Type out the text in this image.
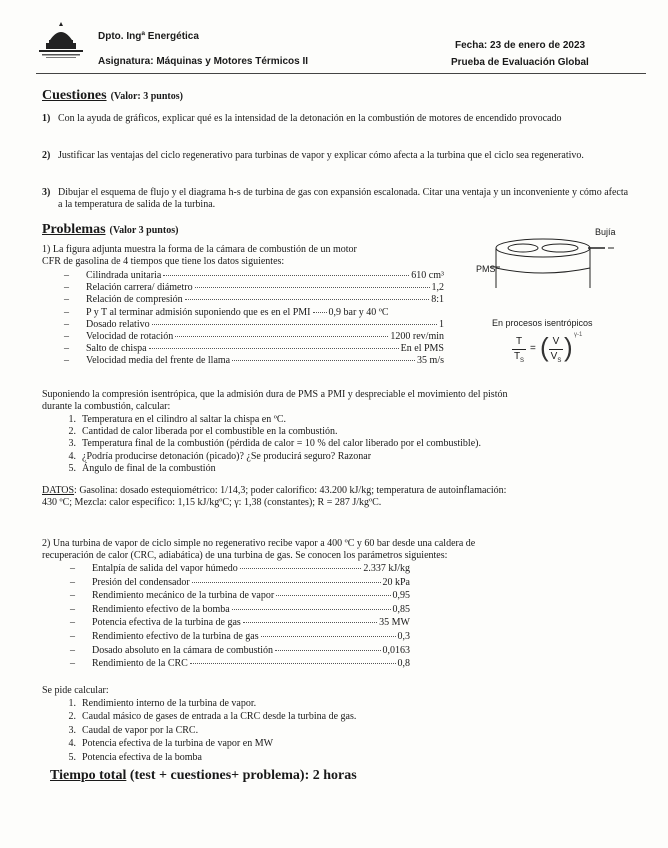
Dpto. Ingª Energética
Asignatura: Máquinas y Motores Térmicos II
Fecha: 23 de enero de 2023
Prueba de Evaluación Global
Cuestiones (Valor: 3 puntos)
1) Con la ayuda de gráficos, explicar qué es la intensidad de la detonación en la combustión de motores de encendido provocado
2) Justificar las ventajas del ciclo regenerativo para turbinas de vapor y explicar cómo afecta a la turbina que el ciclo sea regenerativo.
3) Dibujar el esquema de flujo y el diagrama h-s de turbina de gas con expansión escalonada. Citar una ventaja y un inconveniente y cómo afecta a la temperatura de salida de la turbina.
Problemas (Valor 3 puntos)
1) La figura adjunta muestra la forma de la cámara de combustión de un motor
CFR de gasolina de 4 tiempos que tiene los datos siguientes:
–	Cilindrada unitaria	610 cm³
–	Relación carrera/ diámetro	1,2
–	Relación de compresión	8:1
–	P y T al terminar admisión suponiendo que es en el PMI 0,9 bar y 40 ºC
–	Dosado relativo	1
–	Velocidad de rotación	1200 rev/min
–	Salto de chispa	En el PMS
–	Velocidad media del frente de llama	35 m/s
Bujía
PMS
En procesos isentrópicos
T
$T_S$
= ( V
$V_S$ ) γ-1
Suponiendo la compresión isentrópica, que la admisión dura de PMS a PMI y despreciable el movimiento del pistón
durante la combustión, calcular:
1. Temperatura en el cilindro al saltar la chispa en ºC.
2. Cantidad de calor liberada por el combustible en la combustión.
3. Temperatura final de la combustión (pérdida de calor = 10 % del calor liberado por el combustible).
4. ¿Podría producirse detonación (picado)? ¿Se producirá seguro? Razonar
5. Ángulo de final de la combustión
DATOS: Gasolina: dosado estequiométrico: 1/14,3; poder calorífico: 43.200 kJ/kg; temperatura de autoinflamación:
430 ºC; Mezcla: calor específico: 1,15 kJ/kgºC; γ: 1,38 (constantes); R = 287 J/kgºC.
2) Una turbina de vapor de ciclo simple no regenerativo recibe vapor a 400 ºC y 60 bar desde una caldera de
recuperación de calor (CRC, adiabática) de una turbina de gas. Se conocen los parámetros siguientes:
–	Entalpía de salida del vapor húmedo	2.337 kJ/kg
–	Presión del condensador	20 kPa
–	Rendimiento mecánico de la turbina de vapor	0,95
–	Rendimiento efectivo de la bomba	0,85
–	Potencia efectiva de la turbina de gas	35 MW
–	Rendimiento efectivo de la turbina de gas	0,3
–	Dosado absoluto en la cámara de combustión	0,0163
–	Rendimiento de la CRC	0,8
Se pide calcular:
1. Rendimiento interno de la turbina de vapor.
2. Caudal másico de gases de entrada a la CRC desde la turbina de gas.
3. Caudal de vapor por la CRC.
4. Potencia efectiva de la turbina de vapor en MW
5. Potencia efectiva de la bomba
Tiempo total (test + cuestiones+ problema): 2 horas
